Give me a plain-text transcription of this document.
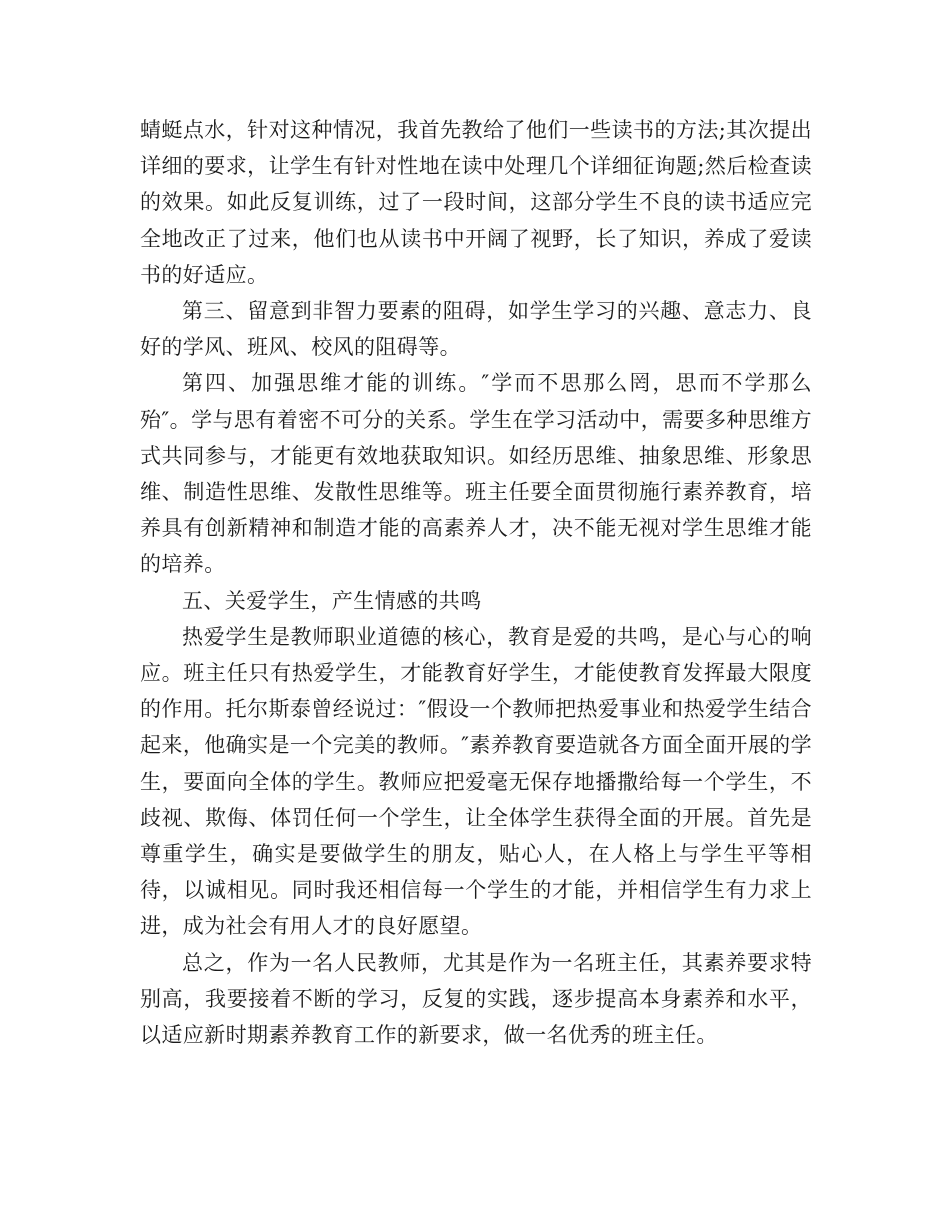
蜻蜓点水，针对这种情况，我首先教给了他们一些读书的方法;其次提出详细的要求，让学生有针对性地在读中处理几个详细征询题;然后检查读的效果。如此反复训练，过了一段时间，这部分学生不良的读书适应完全地改正了过来，他们也从读书中开阔了视野，长了知识，养成了爱读书的好适应。

第三、留意到非智力要素的阻碍，如学生学习的兴趣、意志力、良好的学风、班风、校风的阻碍等。

第四、加强思维才能的训练。″学而不思那么罔，思而不学那么殆″。学与思有着密不可分的关系。学生在学习活动中，需要多种思维方式共同参与，才能更有效地获取知识。如经历思维、抽象思维、形象思维、制造性思维、发散性思维等。班主任要全面贯彻施行素养教育，培养具有创新精神和制造才能的高素养人才，决不能无视对学生思维才能的培养。

五、关爱学生，产生情感的共鸣

热爱学生是教师职业道德的核心，教育是爱的共鸣，是心与心的响应。班主任只有热爱学生，才能教育好学生，才能使教育发挥最大限度的作用。托尔斯泰曾经说过：″假设一个教师把热爱事业和热爱学生结合起来，他确实是一个完美的教师。″素养教育要造就各方面全面开展的学生，要面向全体的学生。教师应把爱毫无保存地播撒给每一个学生，不歧视、欺侮、体罚任何一个学生，让全体学生获得全面的开展。首先是尊重学生，确实是要做学生的朋友，贴心人，在人格上与学生平等相待，以诚相见。同时我还相信每一个学生的才能，并相信学生有力求上进，成为社会有用人才的良好愿望。

总之，作为一名人民教师，尤其是作为一名班主任，其素养要求特别高，我要接着不断的学习，反复的实践，逐步提高本身素养和水平，以适应新时期素养教育工作的新要求，做一名优秀的班主任。
